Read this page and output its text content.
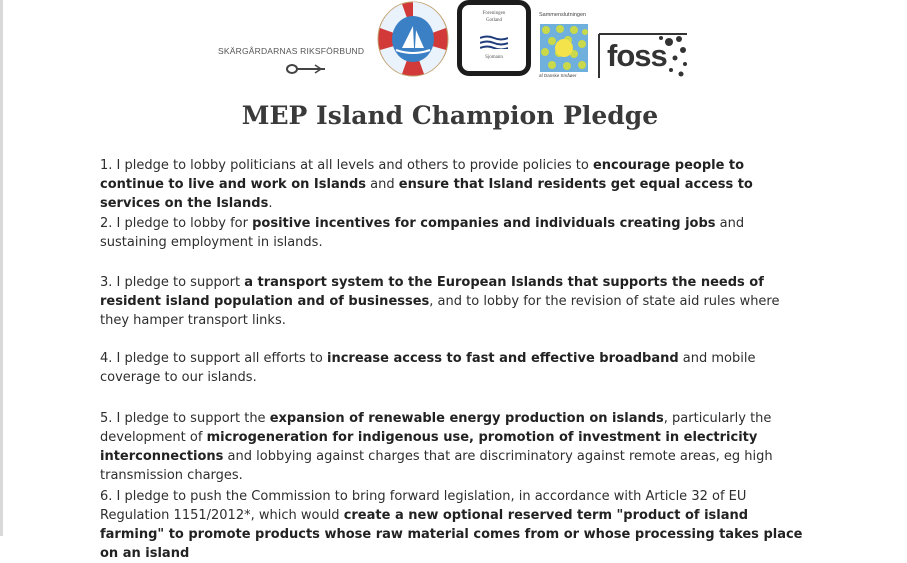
SKÄRGÅRDARNAS RIKSFÖRBUND
Foreningen
Gotland
Sjomann
Sammenslutningen
af Danske Småøer
foss
MEP Island Champion Pledge

1. I pledge to lobby politicians at all levels and others to provide policies to encourage people to continue to live and work on Islands and ensure that Island residents get equal access to services on the Islands.

2. I pledge to lobby for positive incentives for companies and individuals creating jobs and sustaining employment in islands.

3. I pledge to support a transport system to the European Islands that supports the needs of resident island population and of businesses, and to lobby for the revision of state aid rules where they hamper transport links.

4. I pledge to support all efforts to increase access to fast and effective broadband and mobile coverage to our islands.

5. I pledge to support the expansion of renewable energy production on islands, particularly the development of microgeneration for indigenous use, promotion of investment in electricity interconnections and lobbying against charges that are discriminatory against remote areas, eg high transmission charges.

6. I pledge to push the Commission to bring forward legislation, in accordance with Article 32 of EU Regulation 1151/2012*, which would create a new optional reserved term "product of island farming" to promote products whose raw material comes from or whose processing takes place on an island
